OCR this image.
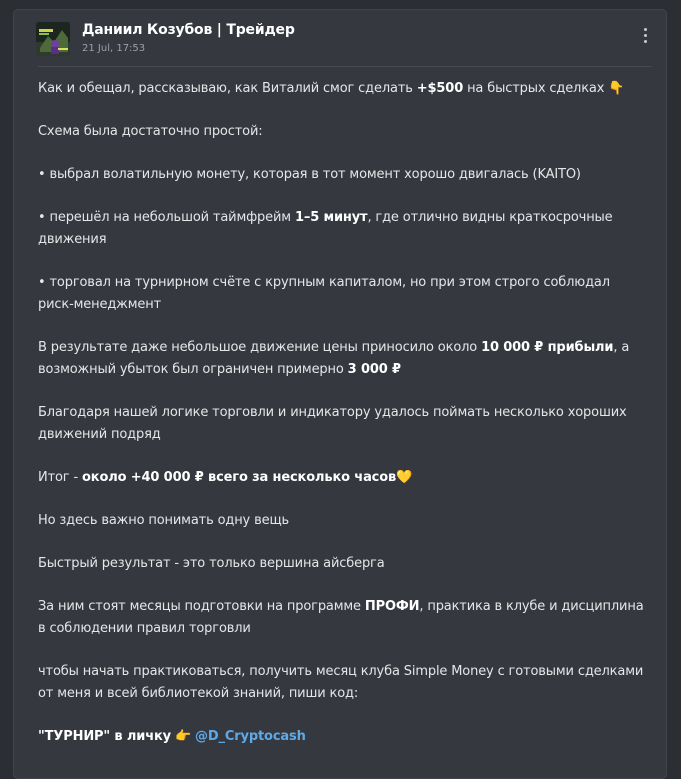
Даниил Козубов | Трейдер
21 Jul, 17:53

Как и обещал, рассказываю, как Виталий смог сделать +$500 на быстрых сделках 👇

Схема была достаточно простой:

• выбрал волатильную монету, которая в тот момент хорошо двигалась (KAITO)

• перешёл на небольшой таймфрейм 1–5 минут, где отлично видны краткосрочные движения

• торговал на турнирном счёте с крупным капиталом, но при этом строго соблюдал риск-менеджмент

В результате даже небольшое движение цены приносило около 10 000 ₽ прибыли, а возможный убыток был ограничен примерно 3 000 ₽

Благодаря нашей логике торговли и индикатору удалось поймать несколько хороших движений подряд

Итог - около +40 000 ₽ всего за несколько часов💛

Но здесь важно понимать одну вещь

Быстрый результат - это только вершина айсберга

За ним стоят месяцы подготовки на программе ПРОФИ, практика в клубе и дисциплина в соблюдении правил торговли

чтобы начать практиковаться, получить месяц клуба Simple Money с готовыми сделками от меня и всей библиотекой знаний, пиши код:

"ТУРНИР" в личку 👉 @D_Cryptocash
